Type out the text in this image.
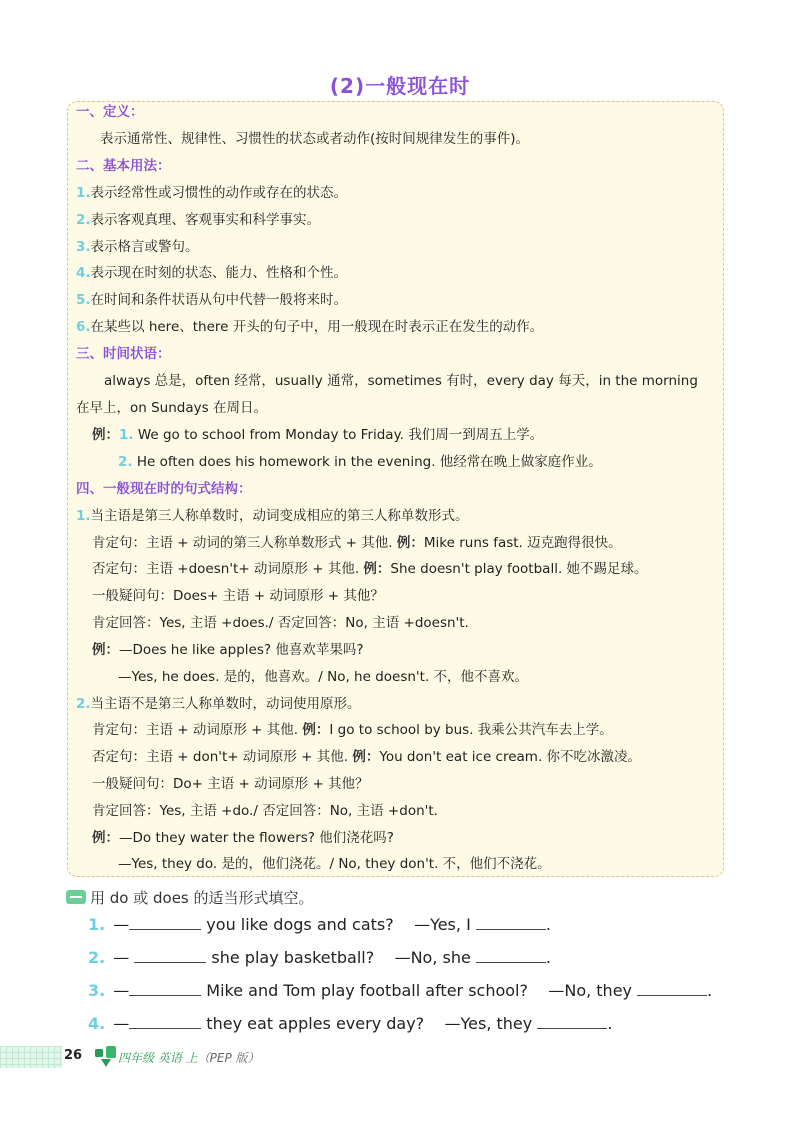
(2)一般现在时
一、定义：
表示通常性、规律性、习惯性的状态或者动作(按时间规律发生的事件)。
二、基本用法：
1.表示经常性或习惯性的动作或存在的状态。
2.表示客观真理、客观事实和科学事实。
3.表示格言或警句。
4.表示现在时刻的状态、能力、性格和个性。
5.在时间和条件状语从句中代替一般将来时。
6.在某些以 here、there 开头的句子中，用一般现在时表示正在发生的动作。
三、时间状语：
always 总是，often 经常，usually 通常，sometimes 有时，every day 每天，in the morning
在早上，on Sundays 在周日。
例：1. We go to school from Monday to Friday. 我们周一到周五上学。
2. He often does his homework in the evening. 他经常在晚上做家庭作业。
四、一般现在时的句式结构：
1.当主语是第三人称单数时，动词变成相应的第三人称单数形式。
肯定句：主语 + 动词的第三人称单数形式 + 其他. 例：Mike runs fast. 迈克跑得很快。
否定句：主语 +doesn't+ 动词原形 + 其他. 例：She doesn't play football. 她不踢足球。
一般疑问句：Does+ 主语 + 动词原形 + 其他？
肯定回答：Yes, 主语 +does./ 否定回答：No, 主语 +doesn't.
例：—Does he like apples? 他喜欢苹果吗?
—Yes, he does. 是的，他喜欢。/ No, he doesn't. 不，他不喜欢。
2.当主语不是第三人称单数时，动词使用原形。
肯定句：主语 + 动词原形 + 其他. 例：I go to school by bus. 我乘公共汽车去上学。
否定句：主语 + don't+ 动词原形 + 其他. 例：You don't eat ice cream. 你不吃冰激凌。
一般疑问句：Do+ 主语 + 动词原形 + 其他？
肯定回答：Yes, 主语 +do./ 否定回答：No, 主语 +don't.
例：—Do they water the flowers? 他们浇花吗?
—Yes, they do. 是的，他们浇花。/ No, they don't. 不，他们不浇花。
用 do 或 does 的适当形式填空。
1. —	you like dogs and cats? —Yes, I	.
2. —	she play basketball? —No, she	.
3. —	Mike and Tom play football after school? —No, they	.
4. —	they eat apples every day? —Yes, they	.
26	四年级 英语 上（PEP 版）
